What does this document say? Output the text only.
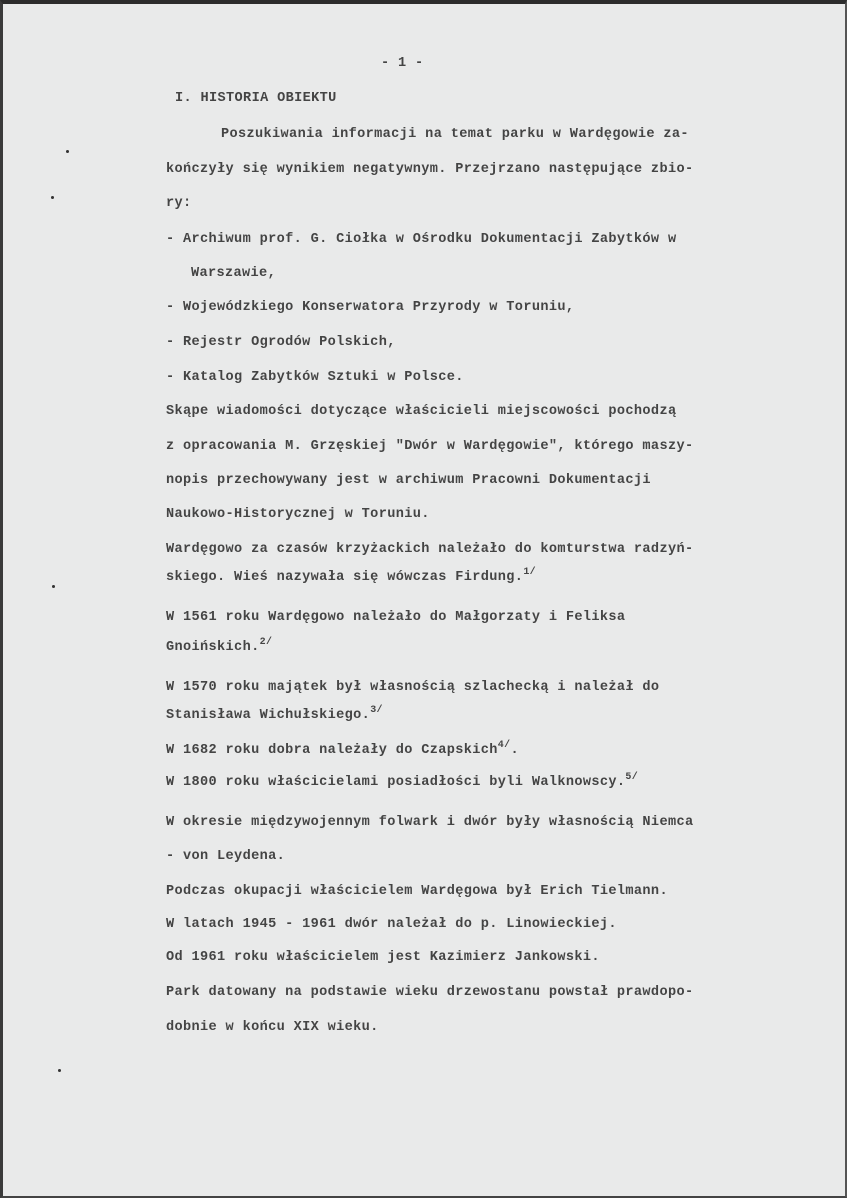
- 1 -
I. HISTORIA OBIEKTU
Poszukiwania informacji na temat parku w Wardęgowie za-
kończyły się wynikiem negatywnym. Przejrzano następujące zbio-
ry:
- Archiwum prof. G. Ciołka w Ośrodku Dokumentacji Zabytków w
Warszawie,
- Wojewódzkiego Konserwatora Przyrody w Toruniu,
- Rejestr Ogrodów Polskich,
- Katalog Zabytków Sztuki w Polsce.
Skąpe wiadomości dotyczące właścicieli miejscowości pochodzą
z opracowania M. Grzęskiej "Dwór w Wardęgowie", którego maszy-
nopis przechowywany jest w archiwum Pracowni Dokumentacji
Naukowo-Historycznej w Toruniu.
Wardęgowo za czasów krzyżackich należało do komturstwa radzyń-
skiego. Wieś nazywała się wówczas Firdung.$^{1/}$
W 1561 roku Wardęgowo należało do Małgorzaty i Feliksa
Gnoińskich.$^{2/}$
W 1570 roku majątek był własnością szlachecką i należał do
Stanisława Wichułskiego.$^{3/}$
W 1682 roku dobra należały do Czapskich$^{4/}$.
W 1800 roku właścicielami posiadłości byli Walknowscy.$^{5/}$
W okresie międzywojennym folwark i dwór były własnością Niemca
- von Leydena.
Podczas okupacji właścicielem Wardęgowa był Erich Tielmann.
W latach 1945 - 1961 dwór należał do p. Linowieckiej.
Od 1961 roku właścicielem jest Kazimierz Jankowski.
Park datowany na podstawie wieku drzewostanu powstał prawdopo-
dobnie w końcu XIX wieku.
